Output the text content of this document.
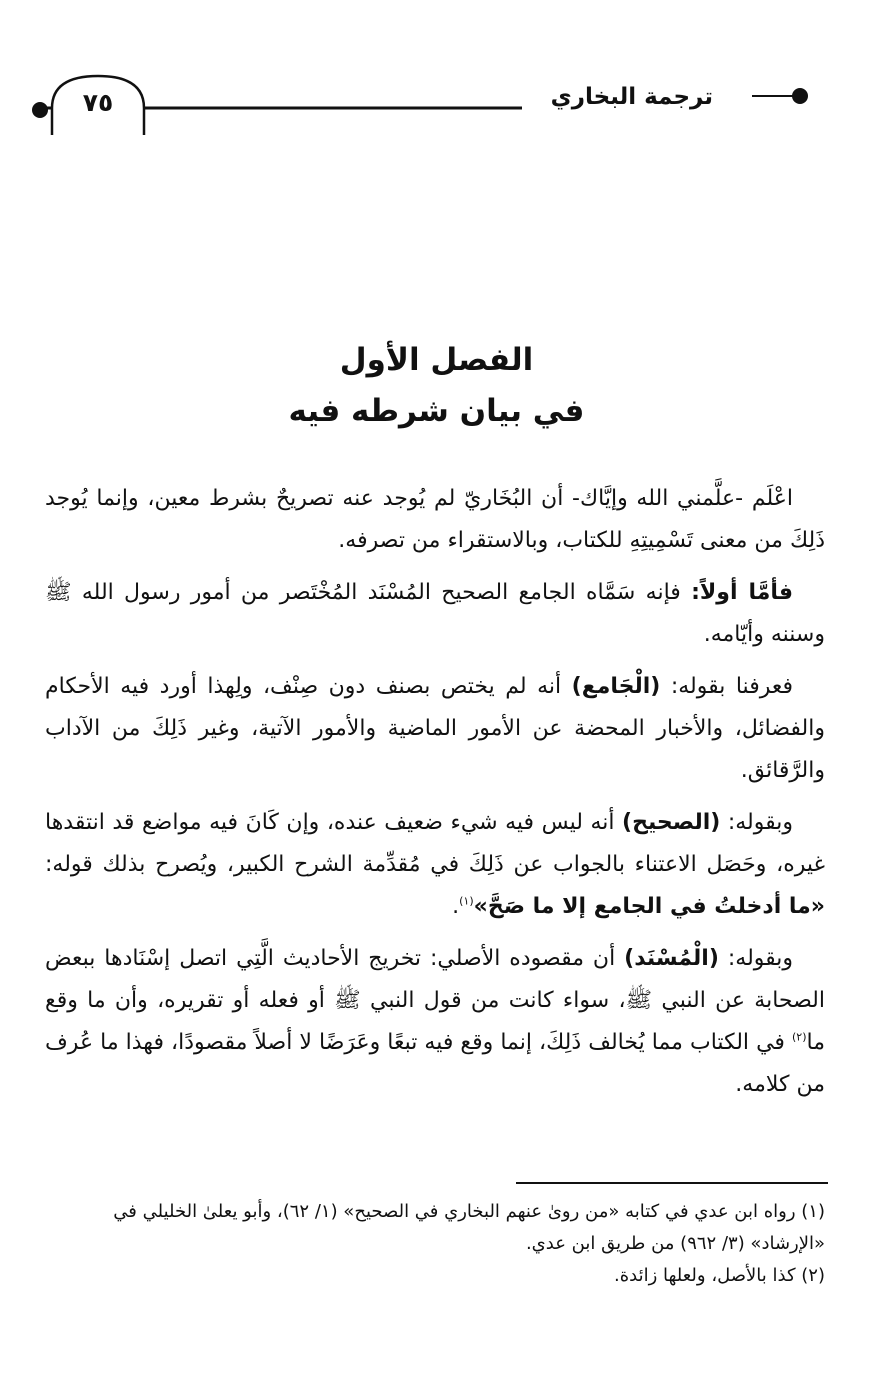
٧٥	ترجمة البخاري
الفصل الأول
في بيان شرطه فيه

اعْلَم -علَّمني الله وإيَّاك- أن البُخَاريّ لم يُوجد عنه تصريحٌ بشرط معين، وإنما يُوجد ذَلِكَ من معنى تَسْمِيتِهِ للكتاب، وبالاستقراء من تصرفه.

فأمَّا أولاً: فإنه سَمَّاه الجامع الصحيح المُسْنَد المُخْتَصر من أمور رسول الله ﷺ وسننه وأيّامه.

فعرفنا بقوله: (الْجَامع) أنه لم يختص بصنف دون صِنْف، ولِهذا أورد فيه الأحكام والفضائل، والأخبار المحضة عن الأمور الماضية والأمور الآتية، وغير ذَلِكَ من الآداب والرَّقائق.

وبقوله: (الصحيح) أنه ليس فيه شيء ضعيف عنده، وإن كَانَ فيه مواضع قد انتقدها غيره، وحَصَل الاعتناء بالجواب عن ذَلِكَ في مُقدِّمة الشرح الكبير، ويُصرح بذلك قوله: «ما أدخلتُ في الجامع إلا ما صَحَّ»$^{(١)}$.

وبقوله: (الْمُسْنَد) أن مقصوده الأصلي: تخريج الأحاديث الَّتِي اتصل إسْنَادها ببعض الصحابة عن النبي ﷺ، سواء كانت من قول النبي ﷺ أو فعله أو تقريره، وأن ما وقع ما$^{(٢)}$ في الكتاب مما يُخالف ذَلِكَ، إنما وقع فيه تبعًا وعَرَضًا لا أصلاً مقصودًا، فهذا ما عُرف من كلامه.

(١) رواه ابن عدي في كتابه «من روىٰ عنهم البخاري في الصحيح» (١/ ٦٢)، وأبو يعلىٰ الخليلي في «الإرشاد» (٣/ ٩٦٢) من طريق ابن عدي.

(٢) كذا بالأصل، ولعلها زائدة.
